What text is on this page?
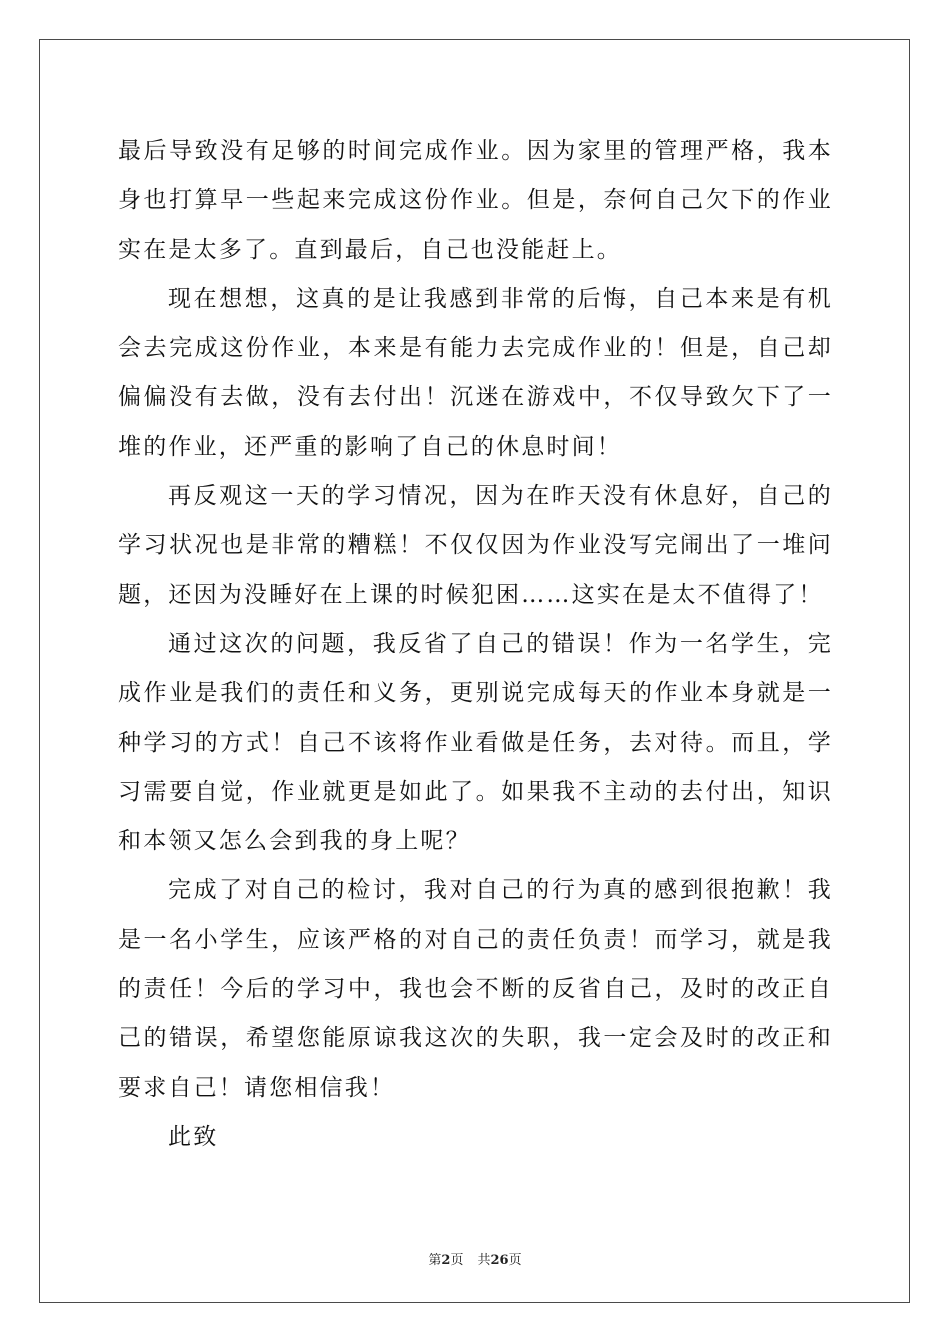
最后导致没有足够的时间完成作业。因为家里的管理严格，我本身也打算早一些起来完成这份作业。但是，奈何自己欠下的作业实在是太多了。直到最后，自己也没能赶上。

现在想想，这真的是让我感到非常的后悔，自己本来是有机会去完成这份作业，本来是有能力去完成作业的！但是，自己却偏偏没有去做，没有去付出！沉迷在游戏中，不仅导致欠下了一堆的作业，还严重的影响了自己的休息时间！

再反观这一天的学习情况，因为在昨天没有休息好，自己的学习状况也是非常的糟糕！不仅仅因为作业没写完闹出了一堆问题，还因为没睡好在上课的时候犯困……这实在是太不值得了！

通过这次的问题，我反省了自己的错误！作为一名学生，完成作业是我们的责任和义务，更别说完成每天的作业本身就是一种学习的方式！自己不该将作业看做是任务，去对待。而且，学习需要自觉，作业就更是如此了。如果我不主动的去付出，知识和本领又怎么会到我的身上呢？

完成了对自己的检讨，我对自己的行为真的感到很抱歉！我是一名小学生，应该严格的对自己的责任负责！而学习，就是我的责任！今后的学习中，我也会不断的反省自己，及时的改正自己的错误，希望您能原谅我这次的失职，我一定会及时的改正和要求自己！请您相信我！

此致

第2页 共26页
